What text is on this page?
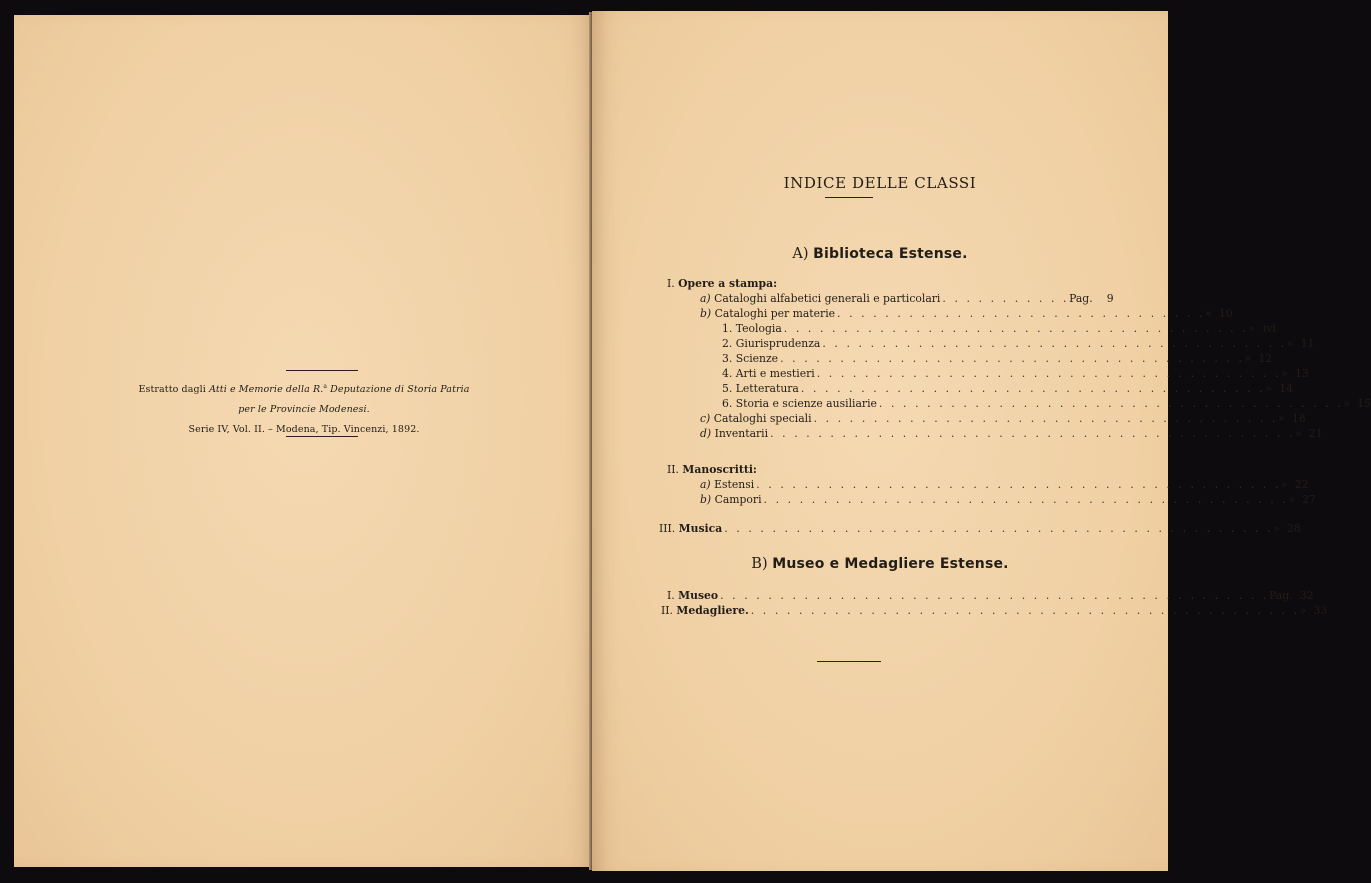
Estratto dagli Atti e Memorie della R.$^a$ Deputazione di Storia Patria
per le Provincie Modenesi.
Serie IV, Vol. II. – Modena, Tip. Vincenzi, 1892.
INDICE DELLE CLASSI
A) Biblioteca Estense.
I. Opere a stampa:
a) Cataloghi alfabetici generali e particolari . . . . . . . . . . . Pag.	9
b) Cataloghi per materie . . . . . . . . . . . . . . . . . . . . . . . . . . . . . . . » 10
1. Teologia . . . . . . . . . . . . . . . . . . . . . . . . . . . . . . . . . . . . . . . » ivi
2. Giurisprudenza . . . . . . . . . . . . . . . . . . . . . . . . . . . . . . . . . . . . . . . » 11
3. Scienze . . . . . . . . . . . . . . . . . . . . . . . . . . . . . . . . . . . . . . . » 12
4. Arti e mestieri . . . . . . . . . . . . . . . . . . . . . . . . . . . . . . . . . . . . . . . » 13
5. Letteratura . . . . . . . . . . . . . . . . . . . . . . . . . . . . . . . . . . . . . . . » 14
6. Storia e scienze ausiliarie . . . . . . . . . . . . . . . . . . . . . . . . . . . . . . . . . . . . . . . » 15
c) Cataloghi speciali . . . . . . . . . . . . . . . . . . . . . . . . . . . . . . . . . . . . . . . » 18
d) Inventarii . . . . . . . . . . . . . . . . . . . . . . . . . . . . . . . . . . . . . . . . . . . . » 21
II. Manoscritti:
a) Estensi . . . . . . . . . . . . . . . . . . . . . . . . . . . . . . . . . . . . . . . . . . . . » 22
b) Campori . . . . . . . . . . . . . . . . . . . . . . . . . . . . . . . . . . . . . . . . . . . . » 27
III. Musica . . . . . . . . . . . . . . . . . . . . . . . . . . . . . . . . . . . . . . . . . . . . . . » 28
B) Museo e Medagliere Estense.
I. Museo . . . . . . . . . . . . . . . . . . . . . . . . . . . . . . . . . . . . . . . . . . . . . . Pag. 32
II. Medagliere. . . . . . . . . . . . . . . . . . . . . . . . . . . . . . . . . . . . . . . . . . . . . . . » 33
